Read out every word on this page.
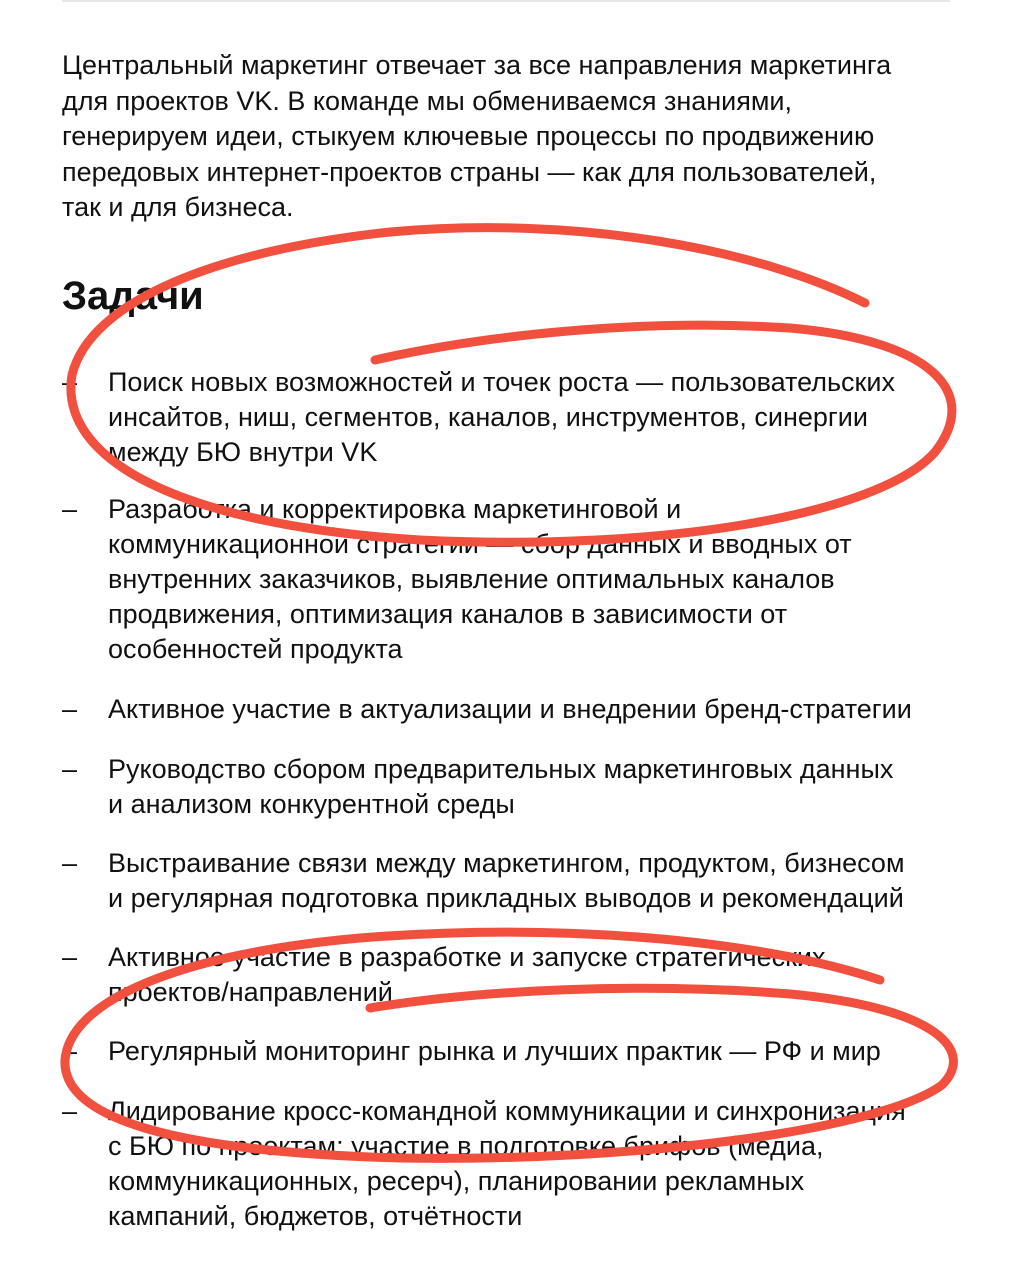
Центральный маркетинг отвечает за все направления маркетинга
для проектов VK. В команде мы обмениваемся знаниями,
генерируем идеи, стыкуем ключевые процессы по продвижению
передовых интернет-проектов страны — как для пользователей,
так и для бизнеса.

Задачи
– Поиск новых возможностей и точек роста — пользовательских
инсайтов, ниш, сегментов, каналов, инструментов, синергии
между БЮ внутри VK
– Разработка и корректировка маркетинговой и
коммуникационной стратегии — сбор данных и вводных от
внутренних заказчиков, выявление оптимальных каналов
продвижения, оптимизация каналов в зависимости от
особенностей продукта
– Активное участие в актуализации и внедрении бренд-стратегии
– Руководство сбором предварительных маркетинговых данных
и анализом конкурентной среды
– Выстраивание связи между маркетингом, продуктом, бизнесом
и регулярная подготовка прикладных выводов и рекомендаций
– Активное участие в разработке и запуске стратегических
проектов/направлений
– Регулярный мониторинг рынка и лучших практик — РФ и мир
– Лидирование кросс-командной коммуникации и синхронизация
с БЮ по проектам: участие в подготовке брифов (медиа,
коммуникационных, ресерч), планировании рекламных
кампаний, бюджетов, отчётности
